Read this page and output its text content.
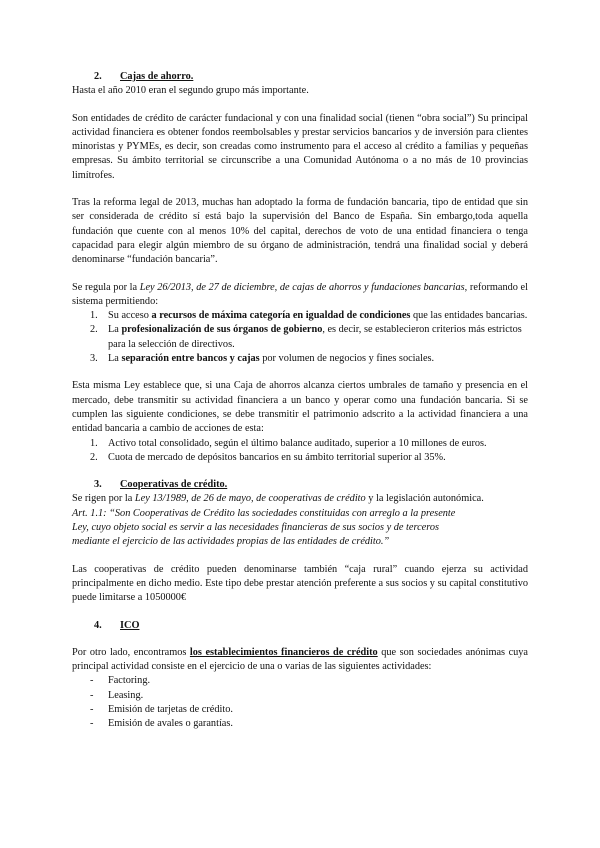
2. Cajas de ahorro.

Hasta el año 2010 eran el segundo grupo más importante.

Son entidades de crédito de carácter fundacional y con una finalidad social (tienen “obra social”) Su principal actividad financiera es obtener fondos reembolsables y prestar servicios bancarios y de inversión para clientes minoristas y PYMEs, es decir, son creadas como instrumento para el acceso al crédito a familias y pequeñas empresas. Su ámbito territorial se circunscribe a una Comunidad Autónoma o a no más de 10 provincias limítrofes.

Tras la reforma legal de 2013, muchas han adoptado la forma de fundación bancaria, tipo de entidad que sin ser considerada de crédito sí está bajo la supervisión del Banco de España. Sin embargo,toda aquella fundación que cuente con al menos 10% del capital, derechos de voto de una entidad financiera o tenga capacidad para elegir algún miembro de su órgano de administración, tendrá una finalidad social y deberá denominarse “fundación bancaria”.

Se regula por la Ley 26/2013, de 27 de diciembre, de cajas de ahorros y fundaciones bancarias, reformando el sistema permitiendo:

1. Su acceso a recursos de máxima categoría en igualdad de condiciones que las entidades bancarias.
2. La profesionalización de sus órganos de gobierno, es decir, se establecieron criterios más estrictos para la selección de directivos.
3. La separación entre bancos y cajas por volumen de negocios y fines sociales.

Esta misma Ley establece que, si una Caja de ahorros alcanza ciertos umbrales de tamaño y presencia en el mercado, debe transmitir su actividad financiera a un banco y operar como una fundación bancaria. Si se cumplen las siguiente condiciones, se debe transmitir el patrimonio adscrito a la actividad financiera a una entidad bancaria a cambio de acciones de esta:

1. Activo total consolidado, según el último balance auditado, superior a 10 millones de euros.
2. Cuota de mercado de depósitos bancarios en su ámbito territorial superior al 35%.

3. Cooperativas de crédito.

Se rigen por la Ley 13/1989, de 26 de mayo, de cooperativas de crédito y la legislación autonómica.

Art. 1.1: “Son Cooperativas de Crédito las sociedades constituidas con arreglo a la presente

Ley, cuyo objeto social es servir a las necesidades financieras de sus socios y de terceros

mediante el ejercicio de las actividades propias de las entidades de crédito.”

Las cooperativas de crédito pueden denominarse también “caja rural” cuando ejerza su actividad principalmente en dicho medio. Este tipo debe prestar atención preferente a sus socios y su capital constitutivo puede limitarse a 1050000€

4. ICO

Por otro lado, encontramos los establecimientos financieros de crédito que son sociedades anónimas cuya principal actividad consiste en el ejercicio de una o varias de las siguientes actividades:

- Factoring.
- Leasing.
- Emisión de tarjetas de crédito.
- Emisión de avales o garantías.
